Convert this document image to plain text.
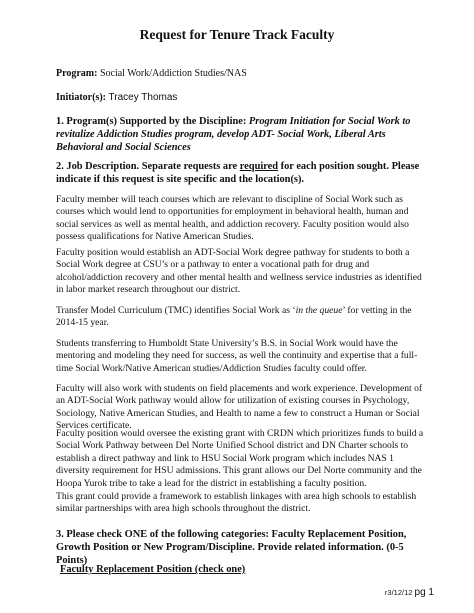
Request for Tenure Track Faculty
Program: Social Work/Addiction Studies/NAS
Initiator(s): Tracey Thomas
1. Program(s) Supported by the Discipline: Program Initiation for Social Work to revitalize Addiction Studies program, develop ADT- Social Work, Liberal Arts Behavioral and Social Sciences
2. Job Description. Separate requests are required for each position sought. Please indicate if this request is site specific and the location(s).
Faculty member will teach courses which are relevant to discipline of Social Work such as courses which would lend to opportunities for employment in behavioral health, human and social services as well as mental health, and addiction recovery. Faculty position would also possess qualifications for Native American Studies.
Faculty position would establish an ADT-Social Work degree pathway for students to both a Social Work degree at CSU’s or a pathway to enter a vocational path for drug and alcohol/addiction recovery and other mental health and wellness service industries as identified in labor market research throughout our district.
Transfer Model Curriculum (TMC) identifies Social Work as ‘in the queue’ for vetting in the 2014-15 year.
Students transferring to Humboldt State University’s B.S. in Social Work would have the mentoring and modeling they need for success, as well the continuity and expertise that a full-time Social Work/Native American studies/Addiction Studies faculty could offer.
Faculty will also work with students on field placements and work experience. Development of an ADT-Social Work pathway would allow for utilization of existing courses in Psychology, Sociology, Native American Studies, and Health to name a few to construct a Human or Social Services certificate.
Faculty position would oversee the existing grant with CRDN which prioritizes funds to build a Social Work Pathway between Del Norte Unified School district and DN Charter schools to establish a direct pathway and link to HSU Social Work program which includes NAS 1 diversity requirement for HSU admissions. This grant allows our Del Norte community and the Hoopa Yurok tribe to take a lead for the district in establishing a faculty position.
This grant could provide a framework to establish linkages with area high schools to establish similar partnerships with area high schools throughout the district.
3. Please check ONE of the following categories: Faculty Replacement Position, Growth Position or New Program/Discipline. Provide related information. (0-5 Points)
Faculty Replacement Position (check one)
r3/12/12 pg 1
